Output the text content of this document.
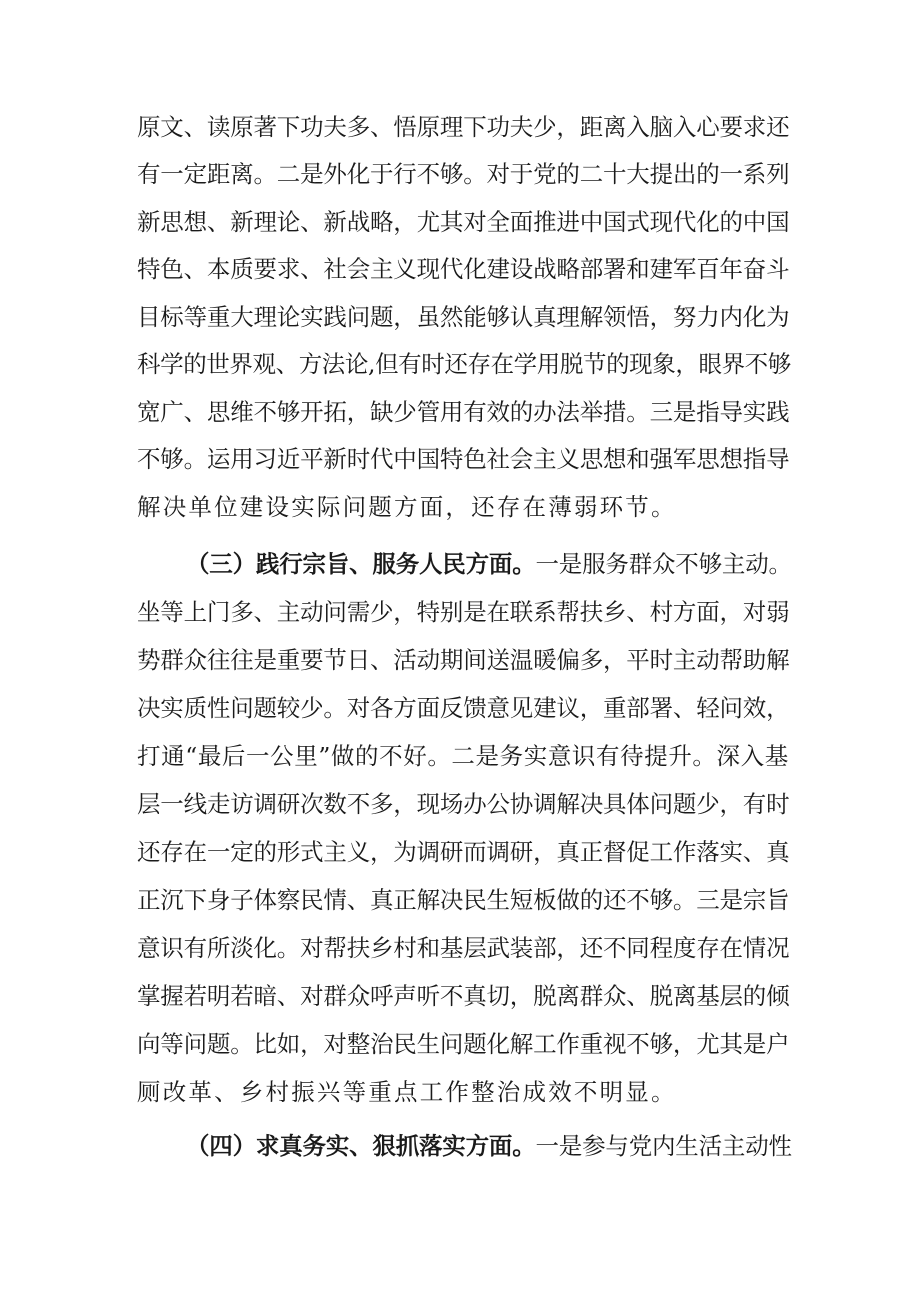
原文、读原著下功夫多、悟原理下功夫少，距离入脑入心要求还
有一定距离。二是外化于行不够。对于党的二十大提出的一系列
新思想、新理论、新战略，尤其对全面推进中国式现代化的中国
特色、本质要求、社会主义现代化建设战略部署和建军百年奋斗
目标等重大理论实践问题，虽然能够认真理解领悟，努力内化为
科学的世界观、方法论,但有时还存在学用脱节的现象，眼界不够
宽广、思维不够开拓，缺少管用有效的办法举措。三是指导实践
不够。运用习近平新时代中国特色社会主义思想和强军思想指导
解决单位建设实际问题方面，还存在薄弱环节。
（三）践行宗旨、服务人民方面。一是服务群众不够主动。
坐等上门多、主动问需少，特别是在联系帮扶乡、村方面，对弱
势群众往往是重要节日、活动期间送温暖偏多，平时主动帮助解
决实质性问题较少。对各方面反馈意见建议，重部署、轻问效，
打通“最后一公里”做的不好。二是务实意识有待提升。深入基
层一线走访调研次数不多，现场办公协调解决具体问题少，有时
还存在一定的形式主义，为调研而调研，真正督促工作落实、真
正沉下身子体察民情、真正解决民生短板做的还不够。三是宗旨
意识有所淡化。对帮扶乡村和基层武装部，还不同程度存在情况
掌握若明若暗、对群众呼声听不真切，脱离群众、脱离基层的倾
向等问题。比如，对整治民生问题化解工作重视不够，尤其是户
厕改革、乡村振兴等重点工作整治成效不明显。
（四）求真务实、狠抓落实方面。一是参与党内生活主动性
